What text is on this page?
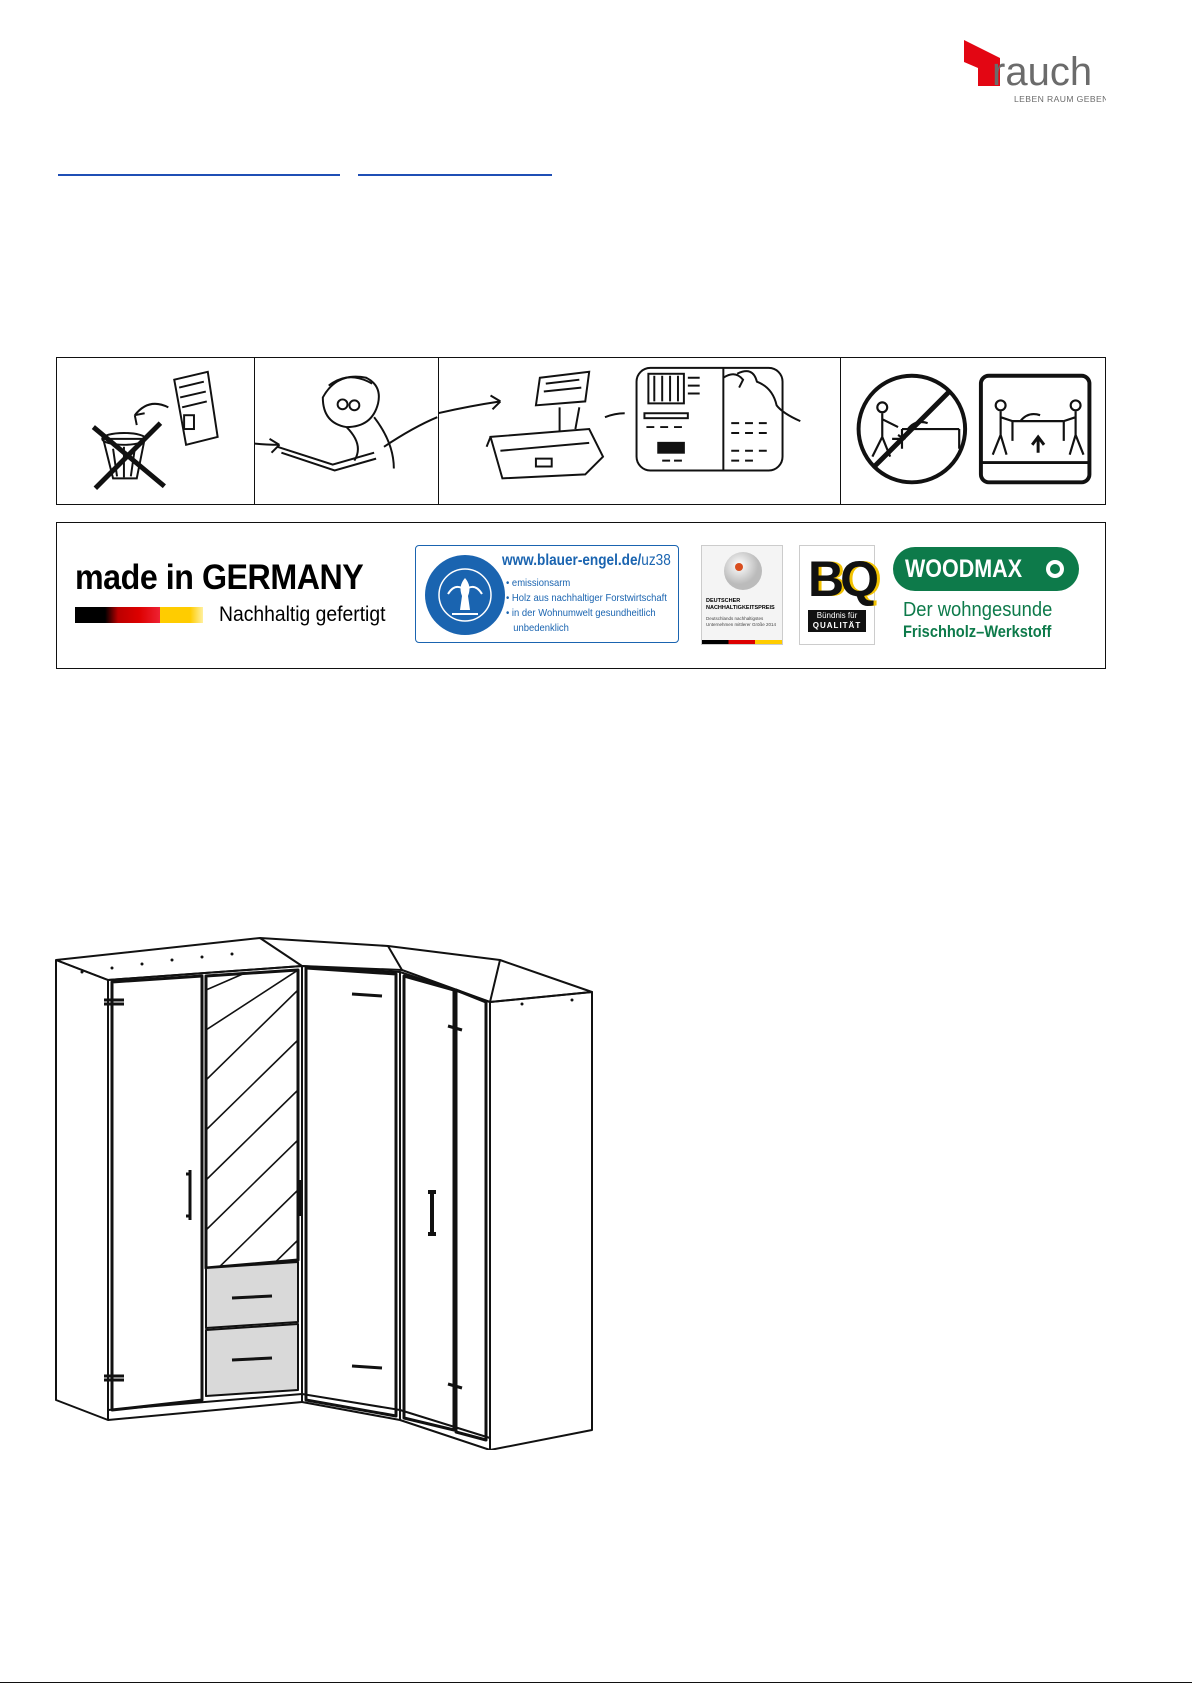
rauch
LEBEN RAUM GEBEN
made in GERMANY
Nachhaltig gefertigt
www.blauer-engel.de/uz38
• emissionsarm
• Holz aus nachhaltiger Forstwirtschaft
• in der Wohnumwelt gesundheitlich
unbedenklich
DEUTSCHER
NACHHALTIGKEITSPREIS
Deutschlands nachhaltigstes
Unternehmen mittlerer Größe 2014
BQ
Bündnis für
QUALITÄT
WOODMAX
Der wohngesunde
Frischholz–Werkstoff
